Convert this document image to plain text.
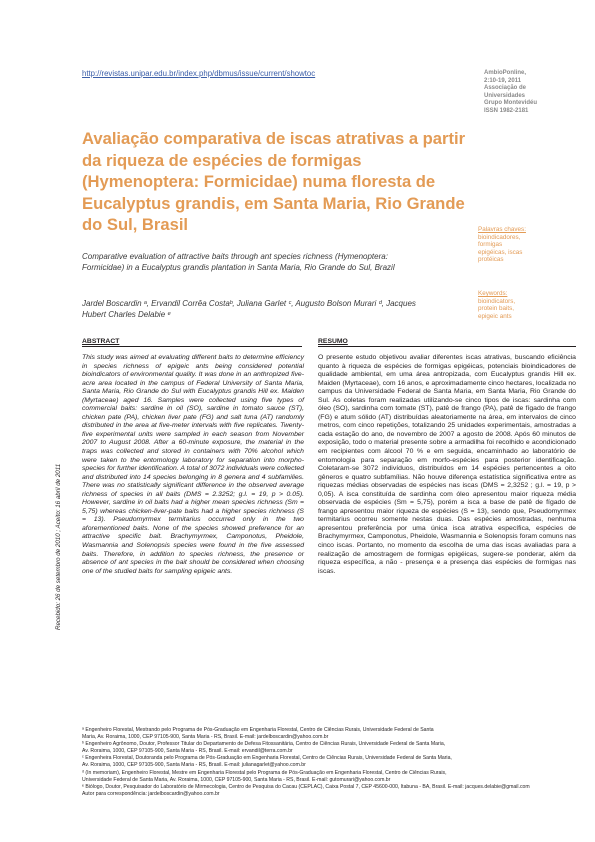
http://revistas.unipar.edu.br/index.php/dbmus/issue/current/showtoc	AmbioPonline,
2:10-19, 2011
Associação de
Universidades
Grupo Montevidéu
ISSN 1982-2181
Avaliação comparativa de iscas atrativas a partir da riqueza de espécies de formigas (Hymenoptera: Formicidae) numa floresta de Eucalyptus grandis, em Santa Maria, Rio Grande do Sul, Brasil
Comparative evaluation of attractive baits through ant species richness (Hymenoptera: Formicidae) in a Eucalyptus grandis plantation in Santa Maria, Rio Grande do Sul, Brazil
Jardel Boscardin ᵃ, Ervandil Corrêa Costaᵇ, Juliana Garlet ᶜ, Augusto Bolson Murari ᵈ, Jacques Hubert Charles Delabie ᵉ
Palavras chaves:
bioindicadores,
formigas
epigéicas, iscas
protéicas
Keywords:
bioindicators,
protein baits,
epigeic ants
Recebido: 26 de setembro de 2010 ; Aceito: 16 abril de 2011
ABSTRACT
This study was aimed at evaluating different baits to determine efficiency in species richness of epigeic ants being considered potential bioindicators of environmental quality. It was done in an anthropized five-acre area located in the campus of Federal University of Santa Maria, Santa Maria, Rio Grande do Sul with Eucalyptus grandis Hill ex. Maiden (Myrtaceae) aged 16. Samples were collected using five types of commercial baits: sardine in oil (SO), sardine in tomato sauce (ST), chicken pate (PA), chicken liver pate (FG) and salt tuna (AT) randomly distributed in the area at five-meter intervals with five replicates. Twenty-five experimental units were sampled in each season from November 2007 to August 2008. After a 60-minute exposure, the material in the traps was collected and stored in containers with 70% alcohol which were taken to the entomology laboratory for separation into morpho-species for further identification. A total of 3072 individuals were collected and distributed into 14 species belonging in 8 genera and 4 subfamilies. There was no statistically significant difference in the observed average richness of species in all baits (DMS = 2.3252; g.l. = 19, p > 0.05). However, sardine in oil baits had a higher mean species richness (Sm = 5,75) whereas chicken-liver-pate baits had a higher species richness (S = 13). Pseudomyrmex termitarius occurred only in the two aforementioned baits. None of the species showed preference for an attractive specific bait. Brachymyrmex, Camponotus, Pheidole, Wasmannia and Solenopsis species were found in the five assessed baits. Therefore, in addition to species richness, the presence or absence of ant species in the bait should be considered when choosing one of the studied baits for sampling epigeic ants.
RESUMO
O presente estudo objetivou avaliar diferentes iscas atrativas, buscando eficiência quanto à riqueza de espécies de formigas epigéicas, potenciais bioindicadores de qualidade ambiental, em uma área antropizada, com Eucalyptus grandis Hill ex. Maiden (Myrtaceae), com 16 anos, e aproximadamente cinco hectares, localizada no campus da Universidade Federal de Santa Maria, em Santa Maria, Rio Grande do Sul. As coletas foram realizadas utilizando-se cinco tipos de iscas: sardinha com óleo (SO), sardinha com tomate (ST), patê de frango (PA), patê de fígado de frango (FG) e atum sólido (AT) distribuídas aleatoriamente na área, em intervalos de cinco metros, com cinco repetições, totalizando 25 unidades experimentais, amostradas a cada estação do ano, de novembro de 2007 a agosto de 2008. Após 60 minutos de exposição, todo o material presente sobre a armadilha foi recolhido e acondicionado em recipientes com álcool 70 % e em seguida, encaminhado ao laboratório de entomologia para separação em morfo-espécies para posterior identificação. Coletaram-se 3072 indivíduos, distribuídos em 14 espécies pertencentes a oito gêneros e quatro subfamílias. Não houve diferença estatística significativa entre as riquezas médias observadas de espécies nas iscas (DMS = 2,3252 ; g.l. = 19, p > 0,05). A isca constituída de sardinha com óleo apresentou maior riqueza média observada de espécies (Sm = 5,75), porém a isca a base de patê de fígado de frango apresentou maior riqueza de espécies (S = 13), sendo que, Pseudomyrmex termitarius ocorreu somente nestas duas. Das espécies amostradas, nenhuma apresentou preferência por uma única isca atrativa específica, espécies de Brachymyrmex, Camponotus, Pheidole, Wasmannia e Solenopsis foram comuns nas cinco iscas. Portanto, no momento da escolha de uma das iscas avaliadas para a realização de amostragem de formigas epigéicas, sugere-se ponderar, além da riqueza específica, a não - presença e a presença das espécies de formigas nas iscas.
ᵃ Engenheiro Florestal, Mestrando pelo Programa de Pós-Graduação em Engenharia Florestal, Centro de Ciências Rurais, Universidade Federal de Santa
Maria, Av. Roraima, 1000, CEP 97105-900, Santa Maria - RS, Brasil. E-mail: jardelboscardin@yahoo.com.br
ᵇ Engenheiro Agrônomo, Doutor, Professor Titular do Departamento de Defesa Fitossanitária, Centro de Ciências Rurais, Universidade Federal de Santa Maria,
Av. Roraima, 1000, CEP 97105-900, Santa Maria - RS, Brasil. E-mail: ervandil@terra.com.br
ᶜ Engenheira Florestal, Doutoranda pelo Programa de Pós-Graduação em Engenharia Florestal, Centro de Ciências Rurais, Universidade Federal de Santa Maria,
Av. Roraima, 1000, CEP 97105-900, Santa Maria - RS, Brasil. E-mail: julianagarlet@yahoo.com.br
ᵈ (In memoriam), Engenheiro Florestal, Mestre em Engenharia Florestal pelo Programa de Pós-Graduação em Engenharia Florestal, Centro de Ciências Rurais,
Universidade Federal de Santa Maria, Av. Roraima, 1000, CEP 97105-900, Santa Maria - RS, Brasil. E-mail: gutomurari@yahoo.com.br
ᵉ Biólogo, Doutor, Pesquisador do Laboratório de Mirmecologia, Centro de Pesquisa do Cacau (CEPLAC), Caixa Postal 7, CEP 45600-000, Itabuna - BA, Brasil. E-mail: jacques.delabie@gmail.com
Autor para correspondência: jardelboscardin@yahoo.com.br
